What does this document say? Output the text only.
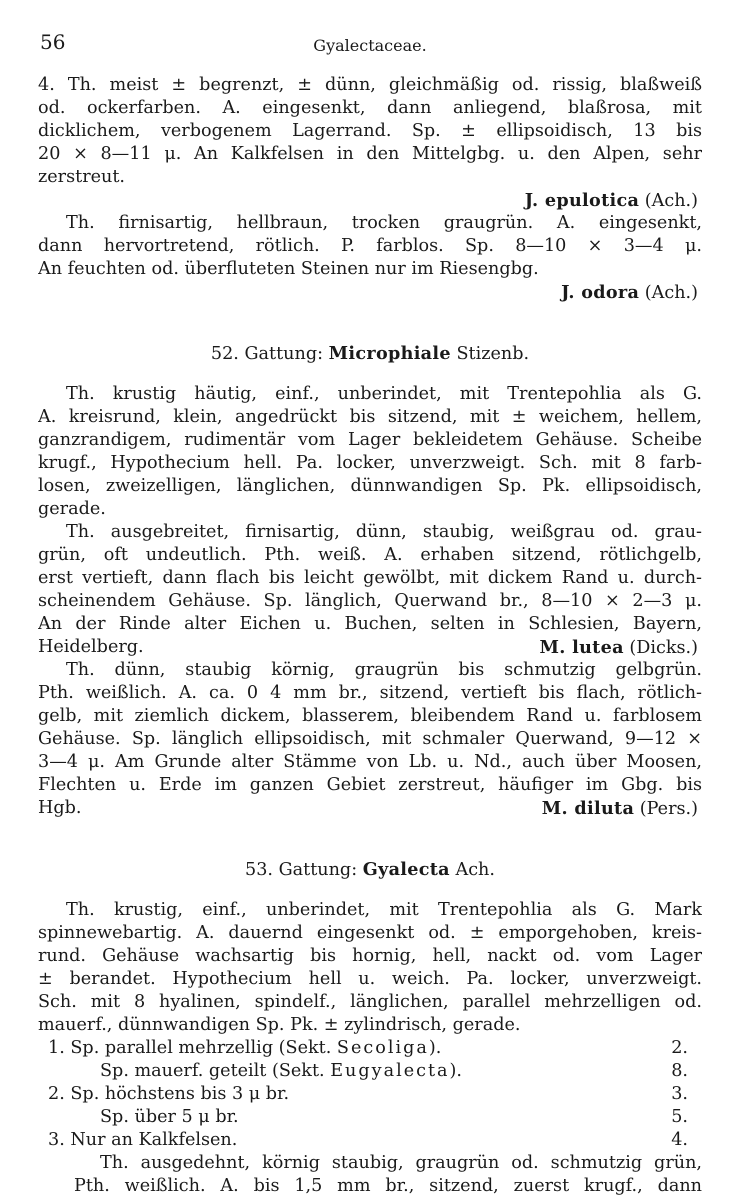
56	Gyalectaceae.
4. Th. meist ± begrenzt, ± dünn, gleichmäßig od. rissig, blaßweiß
od. ockerfarben. A. eingesenkt, dann anliegend, blaßrosa, mit
dicklichem, verbogenem Lagerrand. Sp. ± ellipsoidisch, 13 bis
20 × 8—11 μ. An Kalkfelsen in den Mittelgbg. u. den Alpen, sehr
zerstreut.
J. epulotica (Ach.)
Th. firnisartig, hellbraun, trocken graugrün. A. eingesenkt,
dann hervortretend, rötlich. P. farblos. Sp. 8—10 × 3—4 μ.
An feuchten od. überfluteten Steinen nur im Riesengbg.
J. odora (Ach.)
52. Gattung: Microphiale Stizenb.
Th. krustig häutig, einf., unberindet, mit Trentepohlia als G.
A. kreisrund, klein, angedrückt bis sitzend, mit ± weichem, hellem,
ganzrandigem, rudimentär vom Lager bekleidetem Gehäuse. Scheibe
krugf., Hypothecium hell. Pa. locker, unverzweigt. Sch. mit 8 farb-
losen, zweizelligen, länglichen, dünnwandigen Sp. Pk. ellipsoidisch,
gerade.
Th. ausgebreitet, firnisartig, dünn, staubig, weißgrau od. grau-
grün, oft undeutlich. Pth. weiß. A. erhaben sitzend, rötlichgelb,
erst vertieft, dann flach bis leicht gewölbt, mit dickem Rand u. durch-
scheinendem Gehäuse. Sp. länglich, Querwand br., 8—10 × 2—3 μ.
An der Rinde alter Eichen u. Buchen, selten in Schlesien, Bayern,
Heidelberg.	M. lutea (Dicks.)
Th. dünn, staubig körnig, graugrün bis schmutzig gelbgrün.
Pth. weißlich. A. ca. 0 4 mm br., sitzend, vertieft bis flach, rötlich-
gelb, mit ziemlich dickem, blasserem, bleibendem Rand u. farblosem
Gehäuse. Sp. länglich ellipsoidisch, mit schmaler Querwand, 9—12 ×
3—4 μ. Am Grunde alter Stämme von Lb. u. Nd., auch über Moosen,
Flechten u. Erde im ganzen Gebiet zerstreut, häufiger im Gbg. bis
Hgb.	M. diluta (Pers.)
53. Gattung: Gyalecta Ach.
Th. krustig, einf., unberindet, mit Trentepohlia als G. Mark
spinnewebartig. A. dauernd eingesenkt od. ± emporgehoben, kreis-
rund. Gehäuse wachsartig bis hornig, hell, nackt od. vom Lager
± berandet. Hypothecium hell u. weich. Pa. locker, unverzweigt.
Sch. mit 8 hyalinen, spindelf., länglichen, parallel mehrzelligen od.
mauerf., dünnwandigen Sp. Pk. ± zylindrisch, gerade.
1. Sp. parallel mehrzellig (Sekt. Secoliga).	2.
Sp. mauerf. geteilt (Sekt. Eugyalecta).	8.
2. Sp. höchstens bis 3 μ br.	3.
Sp. über 5 μ br.	5.
3. Nur an Kalkfelsen.	4.
Th. ausgedehnt, körnig staubig, graugrün od. schmutzig grün,
Pth. weißlich. A. bis 1,5 mm br., sitzend, zuerst krugf., dann
